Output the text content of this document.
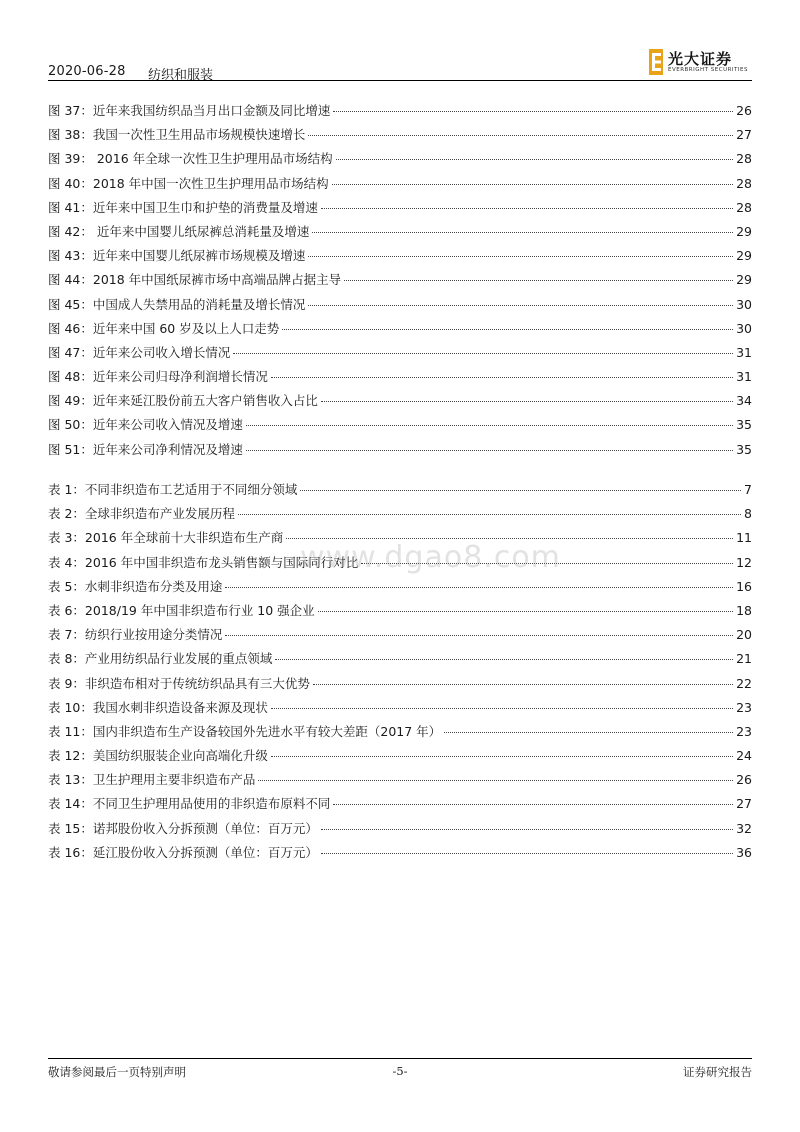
2020-06-28 纺织和服装
光大证券
EVERBRIGHT SECURITIES
图 37：近年来我国纺织品当月出口金额及同比增速	26
图 38：我国一次性卫生用品市场规模快速增长	27
图 39： 2016 年全球一次性卫生护理用品市场结构	28
图 40：2018 年中国一次性卫生护理用品市场结构	28
图 41：近年来中国卫生巾和护垫的消费量及增速	28
图 42： 近年来中国婴儿纸尿裤总消耗量及增速	29
图 43：近年来中国婴儿纸尿裤市场规模及增速	29
图 44：2018 年中国纸尿裤市场中高端品牌占据主导	29
图 45：中国成人失禁用品的消耗量及增长情况	30
图 46：近年来中国 60 岁及以上人口走势	30
图 47：近年来公司收入增长情况	31
图 48：近年来公司归母净利润增长情况	31
图 49：近年来延江股份前五大客户销售收入占比	34
图 50：近年来公司收入情况及增速	35
图 51：近年来公司净利情况及增速	35
表 1：不同非织造布工艺适用于不同细分领域	7
表 2：全球非织造布产业发展历程	8
表 3：2016 年全球前十大非织造布生产商	11
表 4：2016 年中国非织造布龙头销售额与国际同行对比	12
表 5：水刺非织造布分类及用途	16
表 6：2018/19 年中国非织造布行业 10 强企业	18
表 7：纺织行业按用途分类情况	20
表 8：产业用纺织品行业发展的重点领域	21
表 9：非织造布相对于传统纺织品具有三大优势	22
表 10：我国水刺非织造设备来源及现状	23
表 11：国内非织造布生产设备较国外先进水平有较大差距（2017 年）	23
表 12：美国纺织服装企业向高端化升级	24
表 13：卫生护理用主要非织造布产品	26
表 14：不同卫生护理用品使用的非织造布原料不同	27
表 15：诺邦股份收入分拆预测（单位：百万元）	32
表 16：延江股份收入分拆预测（单位：百万元）	36
www.dgao8.com
敬请参阅最后一页特别声明	-5-	证券研究报告
